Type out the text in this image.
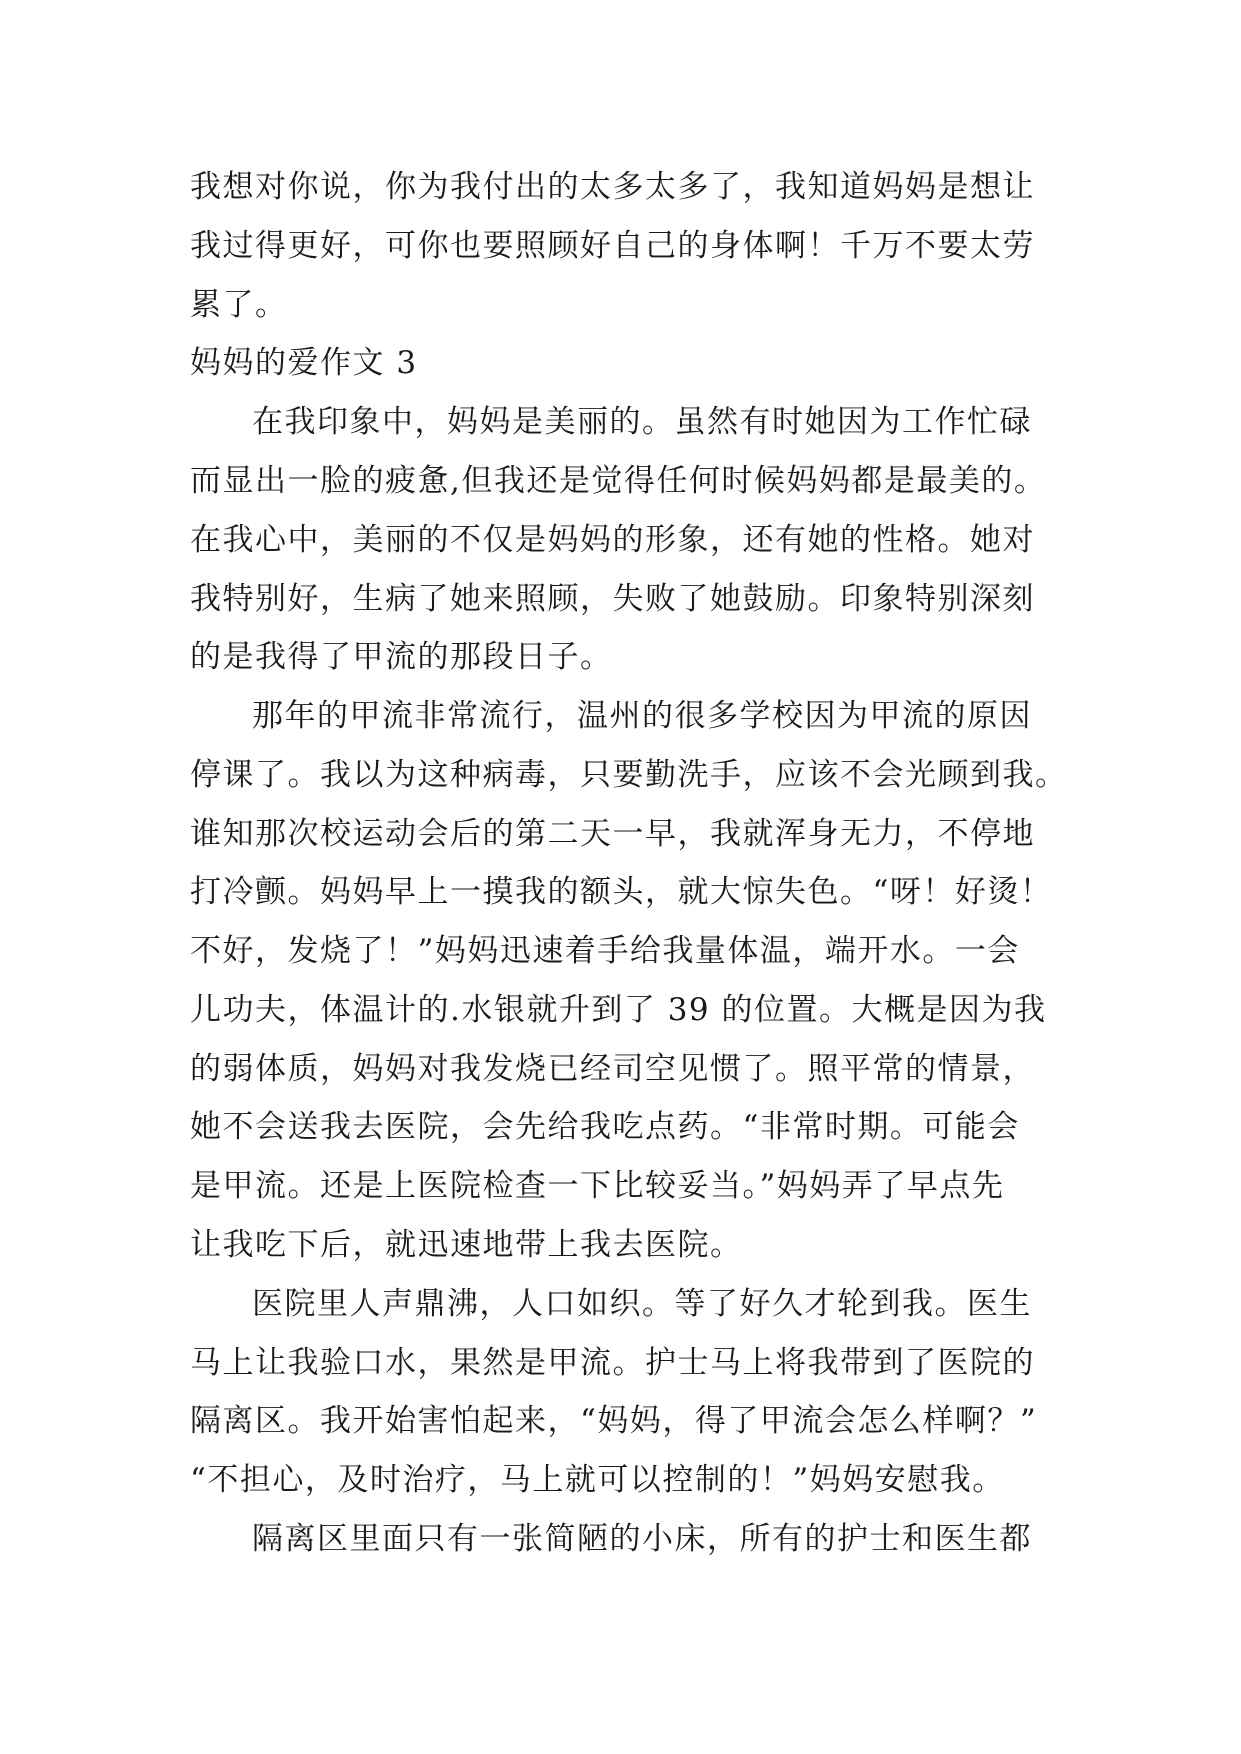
我想对你说，你为我付出的太多太多了，我知道妈妈是想让
我过得更好，可你也要照顾好自己的身体啊！千万不要太劳
累了。
妈妈的爱作文 3
在我印象中，妈妈是美丽的。虽然有时她因为工作忙碌
而显出一脸的疲惫,但我还是觉得任何时候妈妈都是最美的。
在我心中，美丽的不仅是妈妈的形象，还有她的性格。她对
我特别好，生病了她来照顾，失败了她鼓励。印象特别深刻
的是我得了甲流的那段日子。
那年的甲流非常流行，温州的很多学校因为甲流的原因
停课了。我以为这种病毒，只要勤洗手，应该不会光顾到我。
谁知那次校运动会后的第二天一早，我就浑身无力，不停地
打冷颤。妈妈早上一摸我的额头，就大惊失色。“呀！好烫！
不好，发烧了！”妈妈迅速着手给我量体温，端开水。一会
儿功夫，体温计的.水银就升到了 39 的位置。大概是因为我
的弱体质，妈妈对我发烧已经司空见惯了。照平常的情景，
她不会送我去医院，会先给我吃点药。“非常时期。可能会
是甲流。还是上医院检查一下比较妥当。”妈妈弄了早点先
让我吃下后，就迅速地带上我去医院。
医院里人声鼎沸，人口如织。等了好久才轮到我。医生
马上让我验口水，果然是甲流。护士马上将我带到了医院的
隔离区。我开始害怕起来，“妈妈，得了甲流会怎么样啊？”
“不担心，及时治疗，马上就可以控制的！”妈妈安慰我。
隔离区里面只有一张简陋的小床，所有的护士和医生都
